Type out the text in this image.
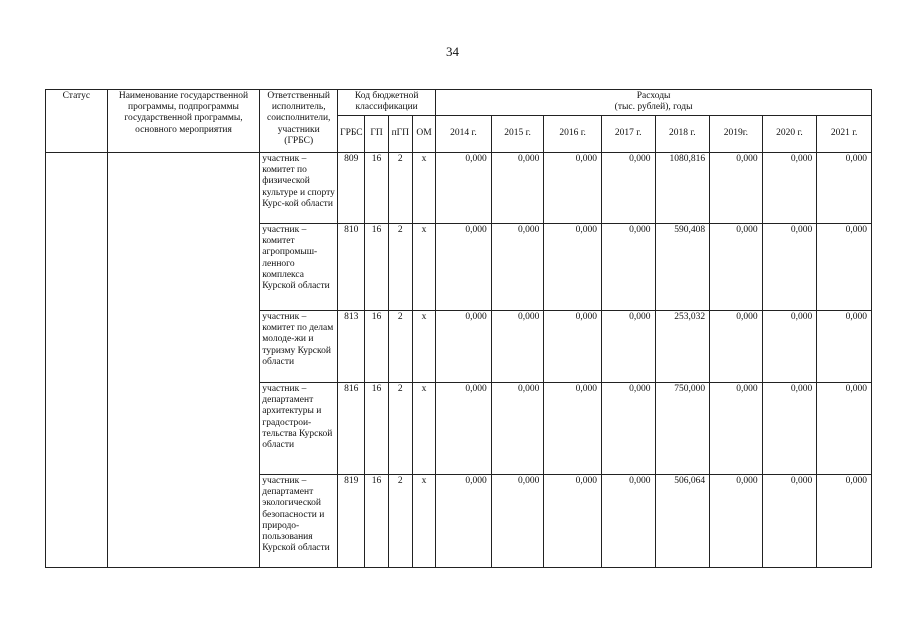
34
Статус	Наименование государственной программы, подпрограммы государственной программы, основного мероприятия	Ответственный исполнитель, соисполнители, участники (ГРБС)	Код бюджетной классификации				Расходы
(тыс. рублей), годы							

			ГРБС	ГП	пГП	ОМ	2014 г.	2015 г.	2016 г.	2017 г.	2018 г.	2019г.	2020 г.	2021 г.
		участник – комитет по физической культуре и спорту Курс-кой области	809	16	2	х	0,000	0,000	0,000	0,000	1080,816	0,000	0,000	0,000
		участник – комитет агропромыш-ленного комплекса Курской области	810	16	2	х	0,000	0,000	0,000	0,000	590,408	0,000	0,000	0,000
		участник – комитет по делам молоде-жи и туризму Курской области	813	16	2	х	0,000	0,000	0,000	0,000	253,032	0,000	0,000	0,000
		участник – департамент архитектуры и градострои-тельства Курской области	816	16	2	х	0,000	0,000	0,000	0,000	750,000	0,000	0,000	0,000
		участник – департамент экологической безопасности и природо-пользования Курской области	819	16	2	х	0,000	0,000	0,000	0,000	506,064	0,000	0,000	0,000
